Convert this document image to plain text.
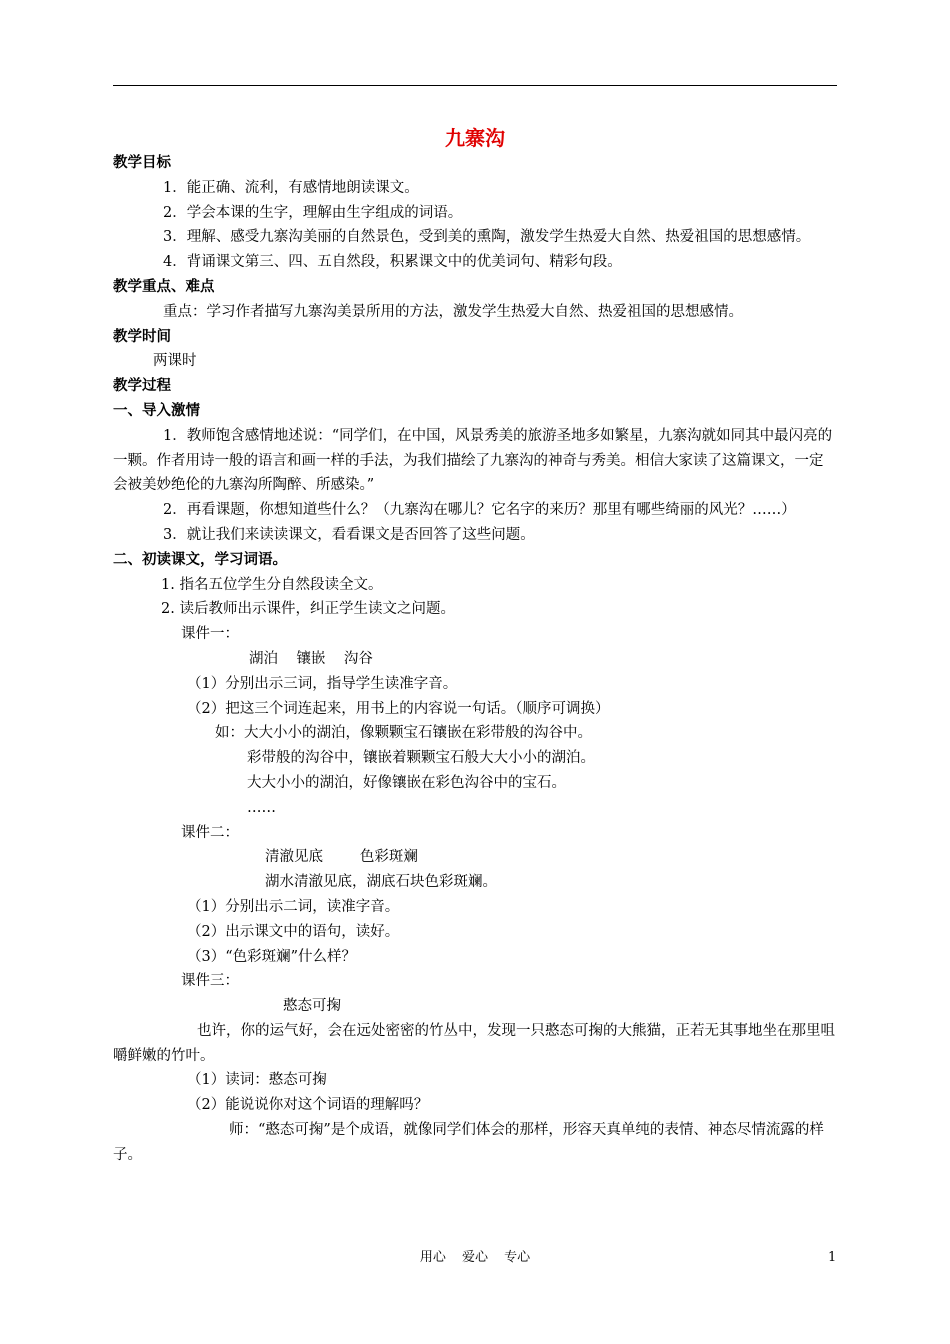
九寨沟

教学目标

1．能正确、流利，有感情地朗读课文。

2．学会本课的生字，理解由生字组成的词语。

3．理解、感受九寨沟美丽的自然景色，受到美的熏陶，激发学生热爱大自然、热爱祖国的思想感情。

4．背诵课文第三、四、五自然段，积累课文中的优美词句、精彩句段。

教学重点、难点

重点：学习作者描写九寨沟美景所用的方法，激发学生热爱大自然、热爱祖国的思想感情。

教学时间

两课时

教学过程

一、导入激情

1．教师饱含感情地述说：“同学们，在中国，风景秀美的旅游圣地多如繁星，九寨沟就如同其中最闪亮的一颗。作者用诗一般的语言和画一样的手法，为我们描绘了九寨沟的神奇与秀美。相信大家读了这篇课文，一定会被美妙绝伦的九寨沟所陶醉、所感染。”

2．再看课题，你想知道些什么？（九寨沟在哪儿？它名字的来历？那里有哪些绮丽的风光？……）

3．就让我们来读读课文，看看课文是否回答了这些问题。

二、初读课文，学习词语。

1. 指名五位学生分自然段读全文。

2. 读后教师出示课件，纠正学生读文之问题。

课件一：

湖泊    镶嵌    沟谷

（1）分别出示三词，指导学生读准字音。

（2）把这三个词连起来，用书上的内容说一句话。（顺序可调换）

如：大大小小的湖泊，像颗颗宝石镶嵌在彩带般的沟谷中。

彩带般的沟谷中，镶嵌着颗颗宝石般大大小小的湖泊。

大大小小的湖泊，好像镶嵌在彩色沟谷中的宝石。

……

课件二：

清澈见底        色彩斑斓

湖水清澈见底，湖底石块色彩斑斓。

（1）分别出示二词，读准字音。

（2）出示课文中的语句，读好。

（3）“色彩斑斓”什么样？

课件三：

憨态可掬

也许，你的运气好，会在远处密密的竹丛中，发现一只憨态可掬的大熊猫，正若无其事地坐在那里咀嚼鲜嫩的竹叶。

（1）读词：憨态可掬

（2）能说说你对这个词语的理解吗？

师：“憨态可掬”是个成语，就像同学们体会的那样，形容天真单纯的表情、神态尽情流露的样子。

用心 爱心 专心	1
